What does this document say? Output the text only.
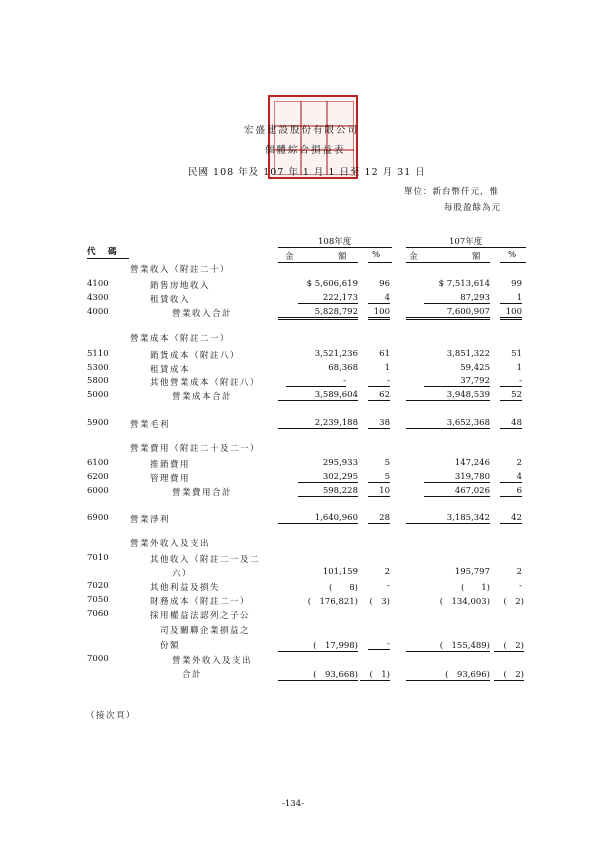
宏盛建設股份有限公司
個體綜合損益表
民國 108 年及 107 年 1 月 1 日至 12 月 31 日
單位：新台幣仟元，惟
每股盈餘為元
代　碼
108年度	107年度
金	額	%	金	額	%
營業收入（附註二十）
4100	銷售房地收入	$ 5,606,619	96	$ 7,513,614	99
4300	租賃收入	222,173	4	87,293	1
4000	營業收入合計	5,828,792	100	7,600,907	100
營業成本（附註二一）
5110	銷貨成本（附註八）	3,521,236	61	3,851,322	51
5300	租賃成本	68,368	1	59,425	1
5800	其他營業成本（附註八）	-	-	37,792	-
5000	營業成本合計	3,589,604	62	3,948,539	52
5900	營業毛利	2,239,188	38	3,652,368	48
營業費用（附註二十及二一）
6100	推銷費用	295,933	5	147,246	2
6200	管理費用	302,295	5	319,780	4
6000	營業費用合計	598,228	10	467,026	6
6900	營業淨利	1,640,960	28	3,185,342	42
營業外收入及支出
7010	其他收入（附註二一及二
六）	101,159	2	195,797	2
7020	其他利益及損失	(　　8)	-	(　　1)	-
7050	財務成本（附註二一）	(　176,821)	(　3)	(　134,003)	(　2)
7060	採用權益法認列之子公
司及關聯企業損益之
份額	(　17,998)	-	(　155,489)	(　2)
7000	營業外收入及支出
合計	(　93,668)	(　1)	(　93,696)	(　2)
（接次頁）
-134-
